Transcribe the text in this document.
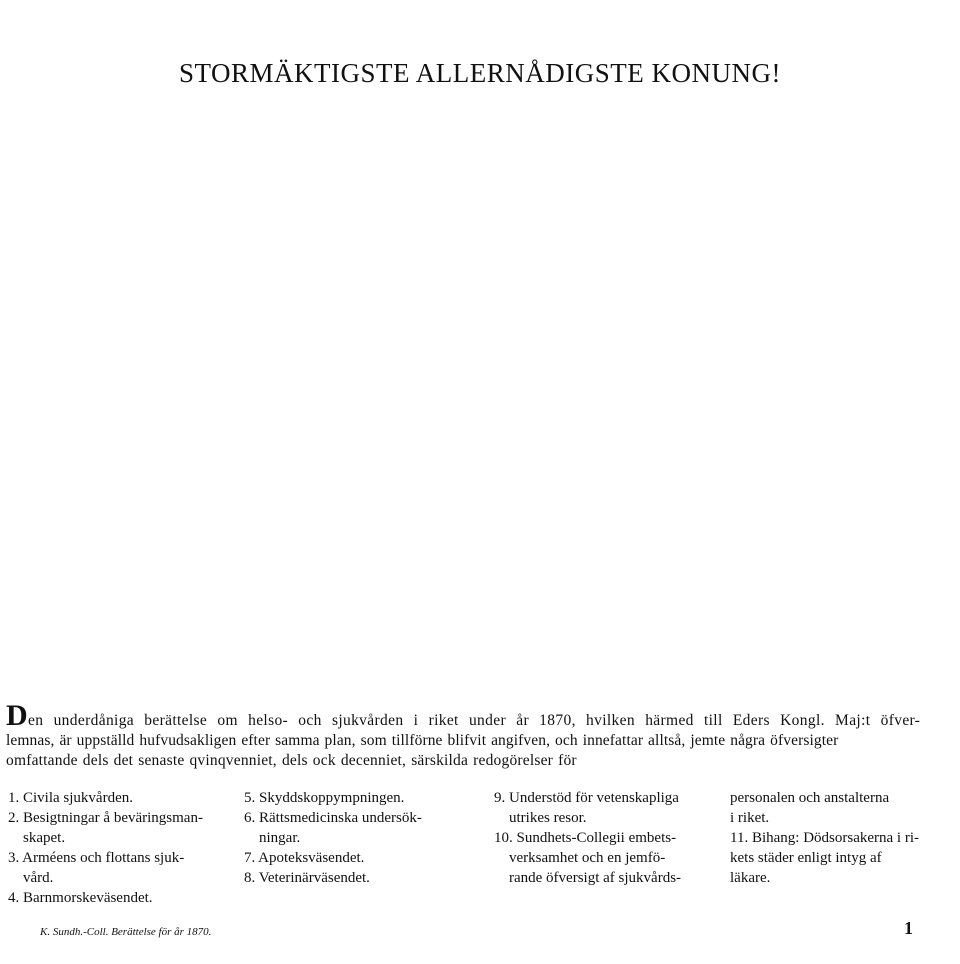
STORMÄKTIGSTE ALLERNÅDIGSTE KONUNG!
Den underdåniga berättelse om helso- och sjukvården i riket under år 1870, hvilken härmed till Eders Kongl. Maj:t öfver-
lemnas, är uppställd hufvudsakligen efter samma plan, som tillförne blifvit angifven, och innefattar alltså, jemte några öfversigter
omfattande dels det senaste qvinqvenniet, dels ock decenniet, särskilda redogörelser för
1. Civila sjukvården.
2. Besigtningar å beväringsman-
skapet.
3. Arméens och flottans sjuk-
vård.
4. Barnmorskeväsendet.
5. Skyddskoppympningen.
6. Rättsmedicinska undersök-
ningar.
7. Apoteksväsendet.
8. Veterinärväsendet.
9. Understöd för vetenskapliga
utrikes resor.
10. Sundhets-Collegii embets-
verksamhet och en jemfö-
rande öfversigt af sjukvårds-
personalen och anstalterna
i riket.
11. Bihang: Dödsorsakerna i ri-
kets städer enligt intyg af
läkare.
K. Sundh.-Coll. Berättelse för år 1870.	1
